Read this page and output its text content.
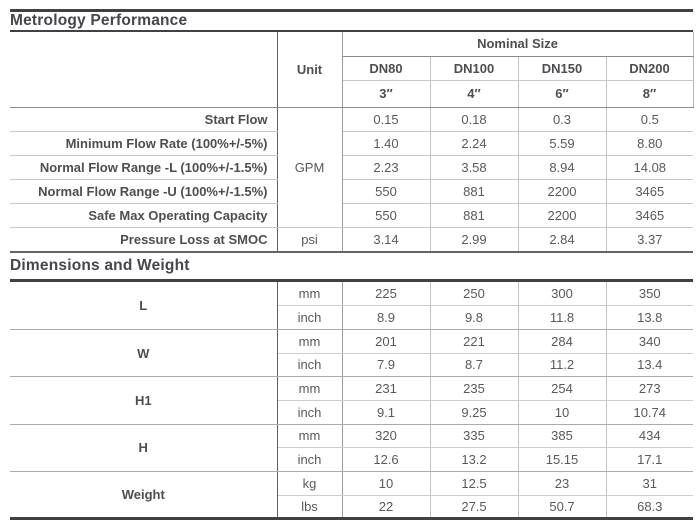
Metrology Performance
	Unit	Nominal Size			
		DN80	DN100	DN150	DN200
		3″	4″	6″	8″
Start Flow	GPM	0.15	0.18	0.3	0.5
Minimum Flow Rate (100%+/-5%)		1.40	2.24	5.59	8.80
Normal Flow Range -L (100%+/-1.5%)		2.23	3.58	8.94	14.08
Normal Flow Range -U (100%+/-1.5%)		550	881	2200	3465
Safe Max Operating Capacity		550	881	2200	3465
Pressure Loss at SMOC	psi	3.14	2.99	2.84	3.37
Dimensions and Weight
L	mm	225	250	300	350
	inch	8.9	9.8	11.8	13.8
W	mm	201	221	284	340
	inch	7.9	8.7	11.2	13.4
H1	mm	231	235	254	273
	inch	9.1	9.25	10	10.74
H	mm	320	335	385	434
	inch	12.6	13.2	15.15	17.1
Weight	kg	10	12.5	23	31
	lbs	22	27.5	50.7	68.3
